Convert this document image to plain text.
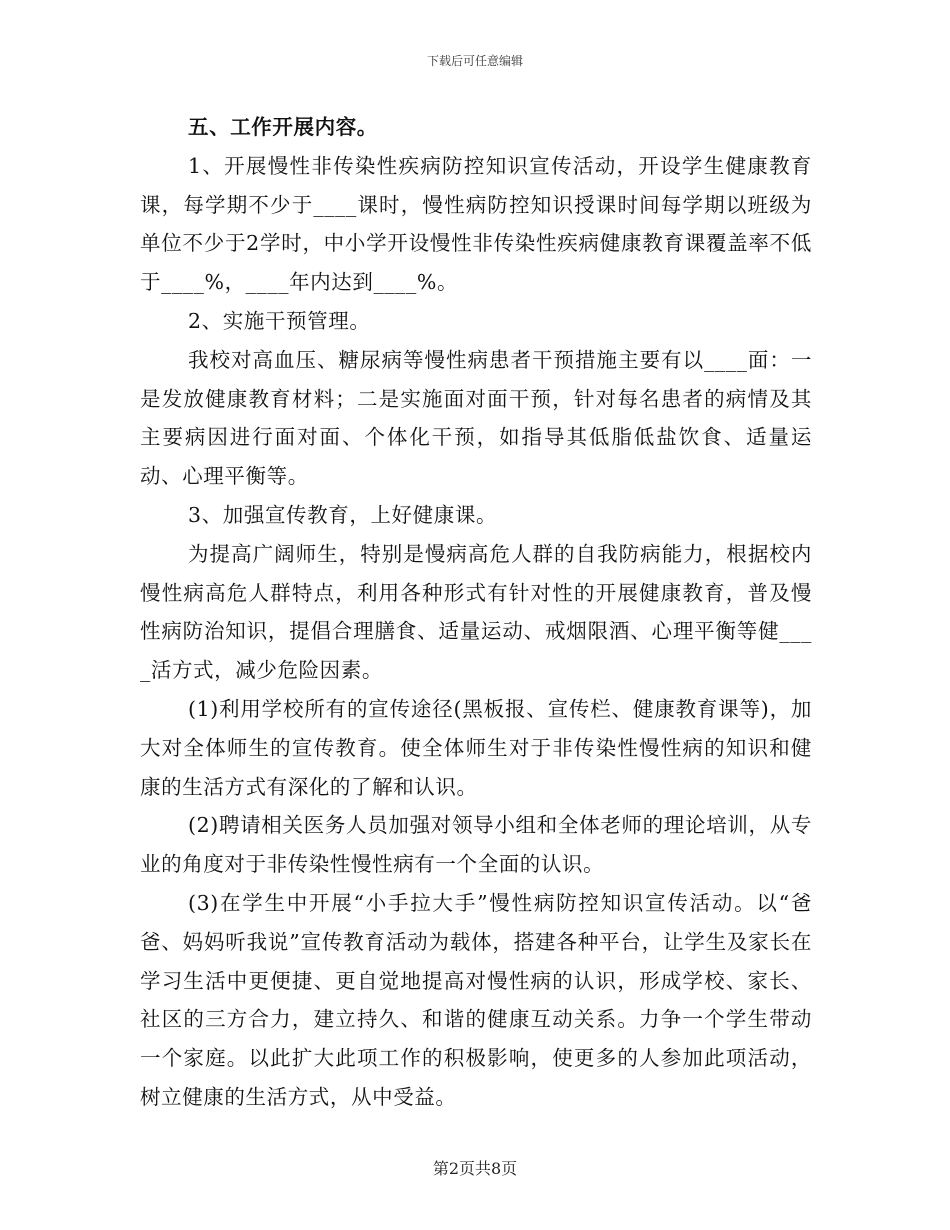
下载后可任意编辑

五、工作开展内容。

1、开展慢性非传染性疾病防控知识宣传活动，开设学生健康教育课，每学期不少于____课时，慢性病防控知识授课时间每学期以班级为单位不少于2学时，中小学开设慢性非传染性疾病健康教育课覆盖率不低于____%，____年内达到____%。

2、实施干预管理。

我校对高血压、糖尿病等慢性病患者干预措施主要有以____面：一是发放健康教育材料；二是实施面对面干预，针对每名患者的病情及其主要病因进行面对面、个体化干预，如指导其低脂低盐饮食、适量运动、心理平衡等。

3、加强宣传教育，上好健康课。

为提高广阔师生，特别是慢病高危人群的自我防病能力，根据校内慢性病高危人群特点，利用各种形式有针对性的开展健康教育，普及慢性病防治知识，提倡合理膳食、适量运动、戒烟限酒、心理平衡等健____活方式，减少危险因素。

(1)利用学校所有的宣传途径(黑板报、宣传栏、健康教育课等)，加大对全体师生的宣传教育。使全体师生对于非传染性慢性病的知识和健康的生活方式有深化的了解和认识。

(2)聘请相关医务人员加强对领导小组和全体老师的理论培训，从专业的角度对于非传染性慢性病有一个全面的认识。

(3)在学生中开展“小手拉大手”慢性病防控知识宣传活动。以“爸爸、妈妈听我说”宣传教育活动为载体，搭建各种平台，让学生及家长在学习生活中更便捷、更自觉地提高对慢性病的认识，形成学校、家长、社区的三方合力，建立持久、和谐的健康互动关系。力争一个学生带动一个家庭。以此扩大此项工作的积极影响，使更多的人参加此项活动，树立健康的生活方式，从中受益。

第2页共8页
